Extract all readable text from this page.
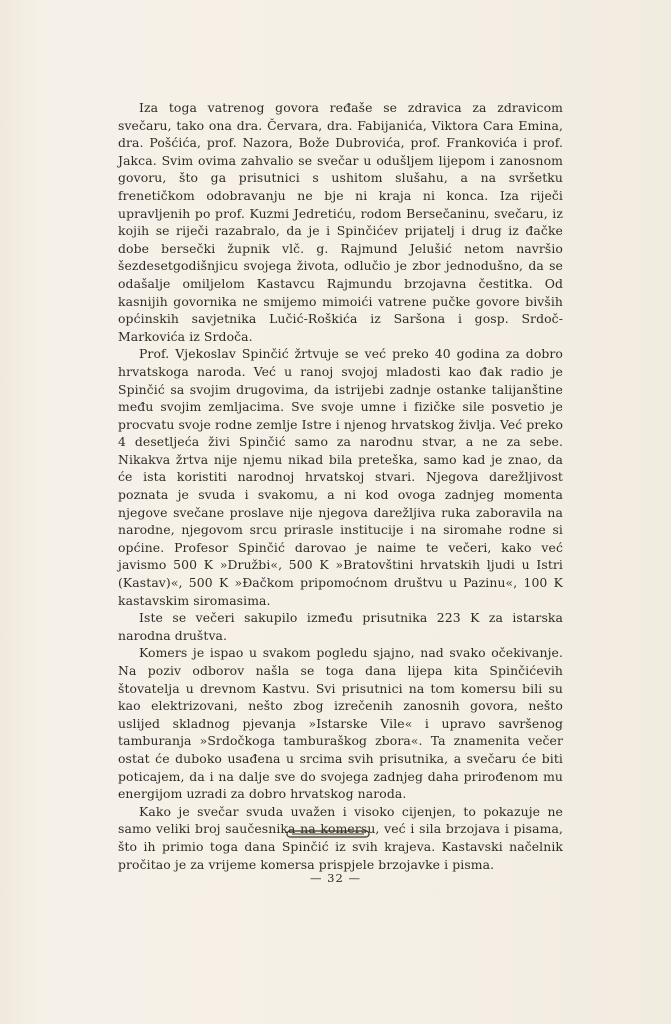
Iza toga vatrenog govora rеđaše se zdravica za zdravicom svečaru, tako ona dra. Červara, dra. Fabijanića, Viktora Cara Emina, dra. Pošćića, prof. Nazora, Bože Dubrovića, prof. Frankovića i prof. Jakca. Svim ovima zahvalio se svečar u odušljem lijepom i zanosnom govoru, što ga prisutnici s ushitom slušahu, a na svršetku frenetičkom odobravanju ne bje ni kraja ni konca. Iza riječi upravljenih po prof. Kuzmi Jedretiću, rodom Bersečaninu, svečaru, iz kojih se riječi razabralo, da je i Spinčićev prijatelj i drug iz đačke dobe bersečki župnik vlč. g. Rajmund Jelušić netom navršio šezdesetgodišnjicu svojega života, odlučio je zbor jednodušno, da se odašalje omiljelom Kastavcu Rajmundu brzojavna čestitka. Od kasnijih govornika ne smijemo mimoići vatrene pučke govore bivših općinskih savjetnika Lučić-Roškića iz Saršona i gosp. Srdoč-Markovića iz Srdoča.

Prof. Vjekoslav Spinčić žrtvuje se već preko 40 godina za dobro hrvatskoga naroda. Već u ranoj svojoj mladosti kao đak radio je Spinčić sa svojim drugovima, da istrijebi zadnje ostanke talijanštine među svojim zemljacima. Sve svoje umne i fizičke sile posvetio je procvatu svoje rodne zemlje Istre i njenog hrvatskog življa. Već preko 4 desetljeća živi Spinčić samo za narodnu stvar, a ne za sebe. Nikakva žrtva nije njemu nikad bila preteška, samo kad je znao, da će ista koristiti narodnoj hrvatskoj stvari. Njegova darežljivost poznata je svuda i svakomu, a ni kod ovoga zadnjeg momenta njegove svečane proslave nije njegova darežljiva ruka zaboravila na narodne, njegovom srcu prirasle institucije i na siromahe rodne si općine. Profesor Spinčić darovao je naime te večeri, kako već javismo 500 K »Družbi«, 500 K »Bratovštini hrvatskih ljudi u Istri (Kastav)«, 500 K »Đačkom pripomoćnom društvu u Pazinu«, 100 K kastavskim siromasima.

Iste se večeri sakupilo između prisutnika 223 K za istarska narodna društva.

Komers je ispao u svakom pogledu sjajno, nad svako očekivanje. Na poziv odborov našla se toga dana lijepa kita Spinčićevih štovatelja u drevnom Kastvu. Svi prisutnici na tom komersu bili su kao elektrizovani, nešto zbog izrečenih zanosnih govora, nešto uslijed skladnog pjevanja »Istarske Vile« i upravo savršenog tamburanja »Srdočkoga tamburaškog zbora«. Ta znamenita večer ostat će duboko usađena u srcima svih prisutnika, a svečaru će biti poticajem, da i na dalje sve do svojega zadnjeg daha prirođenom mu energijom uzradi za dobro hrvatskog naroda.

Kako je svečar svuda uvažen i visoko cijenjen, to pokazuje ne samo veliki broj saučesnika na komersu, već i sila brzojava i pisama, što ih primio toga dana Spinčić iz svih krajeva. Kastavski načelnik pročitao je za vrijeme komersa prispjele brzojavke i pisma.

— 32 —
